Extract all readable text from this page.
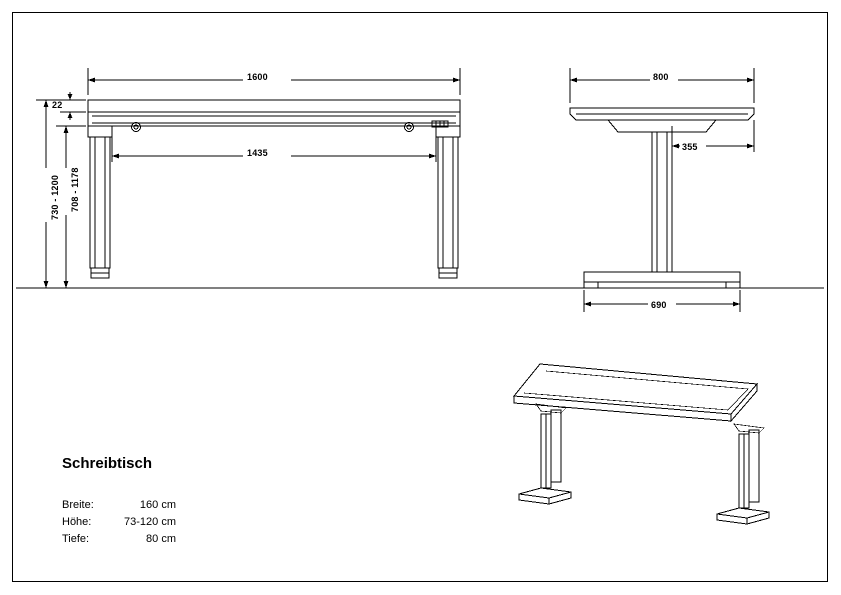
1600
22
1435
730 - 1200 708 - 1178
800
355
690
Schreibtisch
Breite:	160 cm
Höhe:	73-120 cm
Tiefe:	80 cm
